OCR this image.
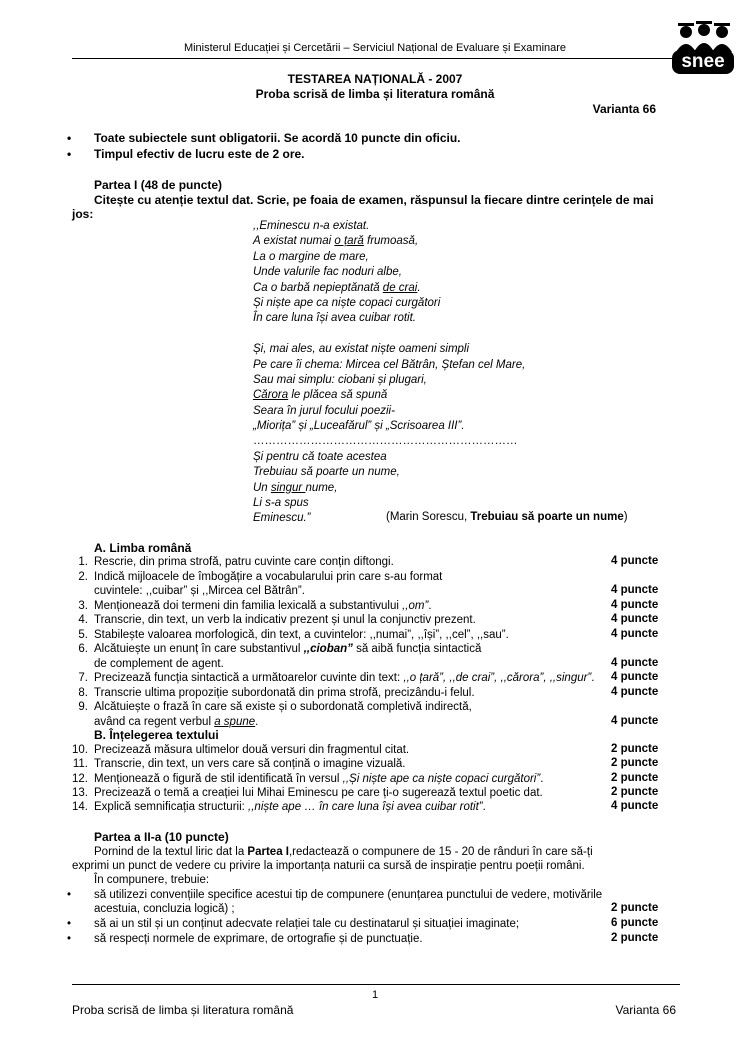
Ministerul Educației și Cercetării – Serviciul Național de Evaluare și Examinare
snee
TESTAREA NAȚIONALĂ - 2007
Proba scrisă de limba și literatura română
Varianta 66
• Toate subiectele sunt obligatorii. Se acordă 10 puncte din oficiu.
• Timpul efectiv de lucru este de 2 ore.
Partea I (48 de puncte)
Citește cu atenție textul dat. Scrie, pe foaia de examen, răspunsul la fiecare dintre cerințele de mai
jos:
,,Eminescu n-a existat.
A existat numai o țară frumoasă,
La o margine de mare,
Unde valurile fac noduri albe,
Ca o barbă nepieptănată de crai.
Și niște ape ca niște copaci curgători
În care luna își avea cuibar rotit.
Și, mai ales, au existat niște oameni simpli
Pe care îi chema: Mircea cel Bătrân, Ștefan cel Mare,
Sau mai simplu: ciobani și plugari,
Cărora le plăcea să spună
Seara în jurul focului poezii-
„Miorița” și „Luceafărul” și „Scrisoarea III”.
……………………………………………………………
Și pentru că toate acestea
Trebuiau să poarte un nume,
Un singur nume,
Li s-a spus
Eminescu.”	(Marin Sorescu, Trebuiau să poarte un nume)
A. Limba română
1. Rescrie, din prima strofă, patru cuvinte care conțin diftongi.	4 puncte
2. Indică mijloacele de îmbogățire a vocabularului prin care s-au format
cuvintele: ,,cuibar” și ,,Mircea cel Bătrân”.	4 puncte
3. Menționează doi termeni din familia lexicală a substantivului ,,om”.	4 puncte
4. Transcrie, din text, un verb la indicativ prezent și unul la conjunctiv prezent.	4 puncte
5. Stabilește valoarea morfologică, din text, a cuvintelor: ,,numai”, ,,își”, ,,cel”, ,,sau”.	4 puncte
6. Alcătuiește un enunț în care substantivul ,,cioban” să aibă funcția sintactică
de complement de agent.	4 puncte
7. Precizează funcția sintactică a următoarelor cuvinte din text: ,,o țară”, ,,de crai”, ,,cărora”, ,,singur”. 4 puncte
8. Transcrie ultima propoziție subordonată din prima strofă, precizându-i felul.	4 puncte
9. Alcătuiește o frază în care să existe și o subordonată completivă indirectă,
având ca regent verbul a spune.	4 puncte
B. Înțelegerea textului
10. Precizează măsura ultimelor două versuri din fragmentul citat.	2 puncte
11. Transcrie, din text, un vers care să conțină o imagine vizuală.	2 puncte
12. Menționează o figură de stil identificată în versul ,,Și niște ape ca niște copaci curgători”.	2 puncte
13. Precizează o temă a creației lui Mihai Eminescu pe care ți-o sugerează textul poetic dat.	2 puncte
14. Explică semnificația structurii: ,,niște ape … în care luna își avea cuibar rotit”.	4 puncte
Partea a II-a (10 puncte)
Pornind de la textul liric dat la Partea I,redactează o compunere de 15 - 20 de rânduri în care să-ți
exprimi un punct de vedere cu privire la importanța naturii ca sursă de inspirație pentru poeții români.
În compunere, trebuie:
•	să utilizezi convențiile specifice acestui tip de compunere (enunțarea punctului de vedere, motivările
acestuia, concluzia logică) ;	2 puncte
•	să ai un stil și un conținut adecvate relației tale cu destinatarul și situației imaginate;	6 puncte
•	să respecți normele de exprimare, de ortografie și de punctuație.	2 puncte
1
Proba scrisă de limba și literatura română	Varianta 66
